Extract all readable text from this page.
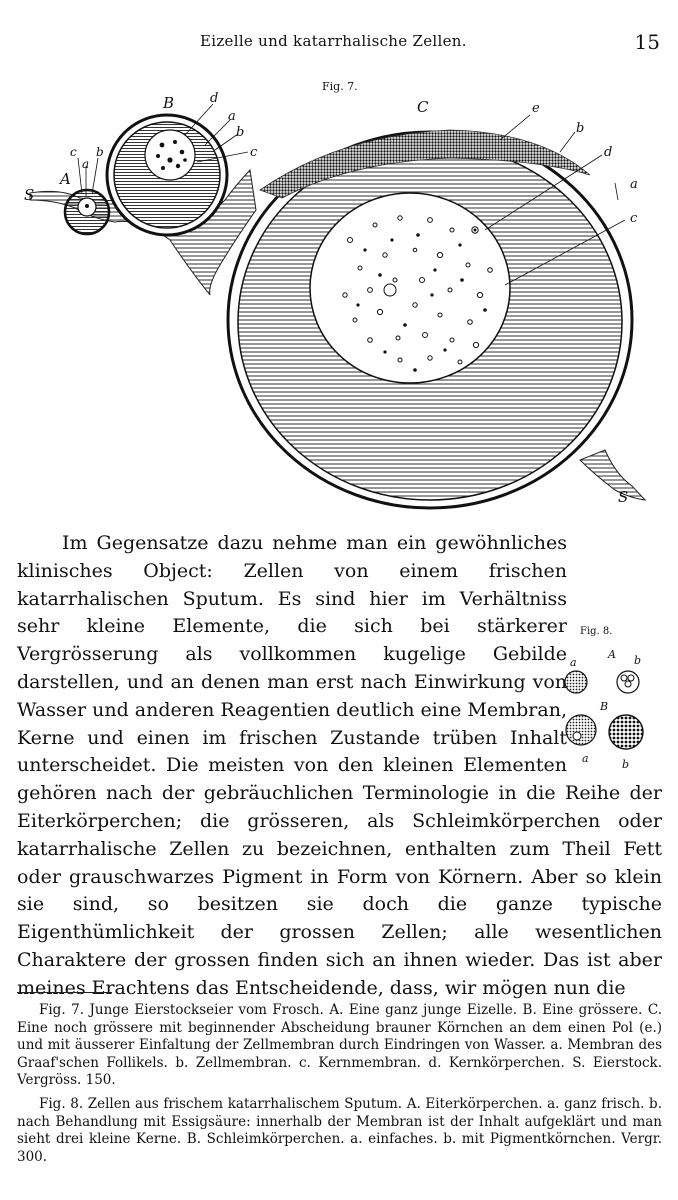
Eizelle und katarrhalische Zellen.	15
Fig. 7.
S
A
c
a
b
B	d
a
b
c
C	e
b
d
a
c
S
Fig. 8.
A
a	b
B
a	b

Im Gegensatze dazu nehme man ein gewöhnliches klinisches Object: Zellen von einem frischen katarrhalischen Sputum. Es sind hier im Verhältniss sehr kleine Elemente, die sich bei stärkerer Vergrösserung als vollkommen kugelige Gebilde darstellen, und an denen man erst nach Einwirkung von Wasser und anderen Reagentien deutlich eine Membran, Kerne und einen im frischen Zustande trüben Inhalt unterscheidet. Die meisten von den kleinen Elementen gehören nach der gebräuchlichen Terminologie in die Reihe der Eiterkörperchen; die grösseren, als Schleimkörperchen oder katarrhalische Zellen zu bezeichnen, enthalten zum Theil Fett oder grauschwarzes Pigment in Form von Körnern. Aber so klein sie sind, so besitzen sie doch die ganze typische Eigenthümlichkeit der grossen Zellen; alle wesentlichen Charaktere der grossen finden sich an ihnen wieder. Das ist aber meines Erachtens das Entscheidende, dass, wir mögen nun die

Fig. 7. Junge Eierstockseier vom Frosch. A. Eine ganz junge Eizelle. B. Eine grössere. C. Eine noch grössere mit beginnender Abscheidung brauner Körnchen an dem einen Pol (e.) und mit äusserer Einfaltung der Zellmembran durch Eindringen von Wasser. a. Membran des Graaf'schen Follikels. b. Zellmembran. c. Kernmembran. d. Kernkörperchen. S. Eierstock. Vergröss. 150.

Fig. 8. Zellen aus frischem katarrhalischem Sputum. A. Eiterkörperchen. a. ganz frisch. b. nach Behandlung mit Essigsäure: innerhalb der Membran ist der Inhalt aufgeklärt und man sieht drei kleine Kerne. B. Schleimkörperchen. a. einfaches. b. mit Pigmentkörnchen. Vergr. 300.
